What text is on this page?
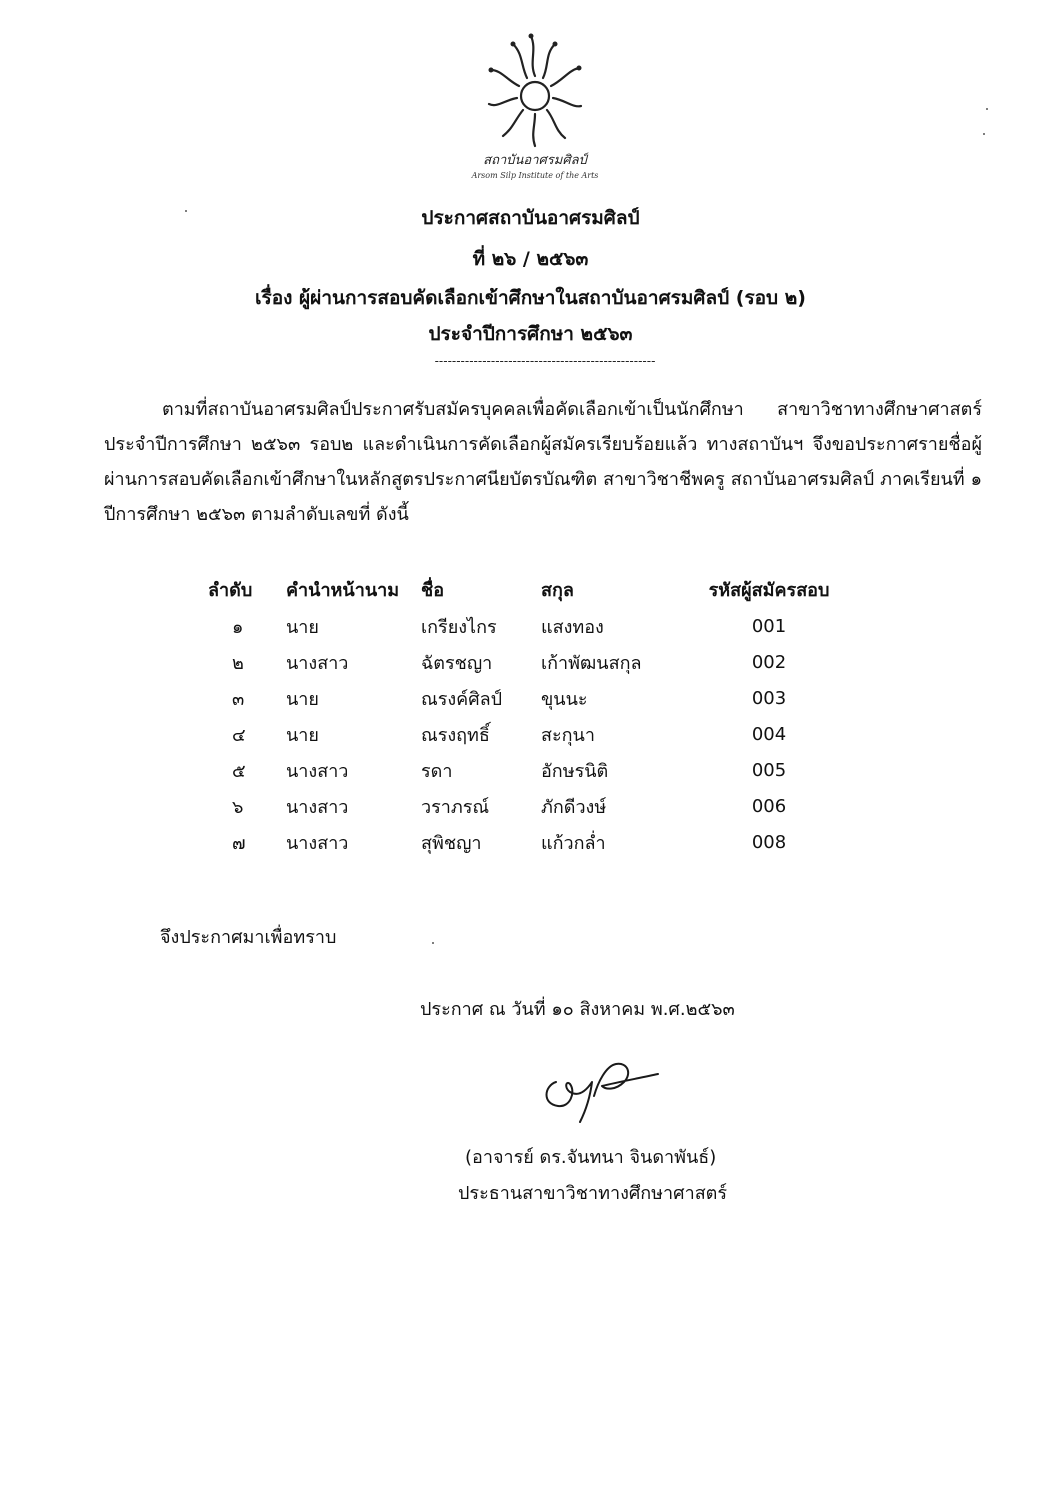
สถาบันอาศรมศิลป์
Arsom Silp Institute of the Arts
ประกาศสถาบันอาศรมศิลป์
ที่ ๒๖ / ๒๕๖๓
เรื่อง ผู้ผ่านการสอบคัดเลือกเข้าศึกษาในสถาบันอาศรมศิลป์ (รอบ ๒)
ประจำปีการศึกษา ๒๕๖๓
---------------------------------------------------
ตามที่สถาบันอาศรมศิลป์ประกาศรับสมัครบุคคลเพื่อคัดเลือกเข้าเป็นนักศึกษา สาขาวิชาทางศึกษาศาสตร์ ประจำปีการศึกษา ๒๕๖๓ รอบ๒ และดำเนินการคัดเลือกผู้สมัครเรียบร้อยแล้ว ทางสถาบันฯ จึงขอประกาศรายชื่อผู้ผ่านการสอบคัดเลือกเข้าศึกษาในหลักสูตรประกาศนียบัตรบัณฑิต สาขาวิชาชีพครู สถาบันอาศรมศิลป์ ภาคเรียนที่ ๑ ปีการศึกษา ๒๕๖๓ ตามลำดับเลขที่ ดังนี้
ลำดับ	คำนำหน้านาม	ชื่อ	สกุล	รหัสผู้สมัครสอบ
๑	นาย	เกรียงไกร	แสงทอง	001
๒	นางสาว	ฉัตรชญา	เก้าพัฒนสกุล	002
๓	นาย	ณรงค์ศิลป์	ขุนนะ	003
๔	นาย	ณรงฤทธิ์	สะกุนา	004
๕	นางสาว	รดา	อักษรนิติ	005
๖	นางสาว	วราภรณ์	ภักดีวงษ์	006
๗	นางสาว	สุพิชญา	แก้วกล่ำ	008
จึงประกาศมาเพื่อทราบ
ประกาศ ณ วันที่ ๑๐ สิงหาคม พ.ศ.๒๕๖๓
(อาจารย์ ดร.จันทนา จินดาพันธ์)
ประธานสาขาวิชาทางศึกษาศาสตร์
